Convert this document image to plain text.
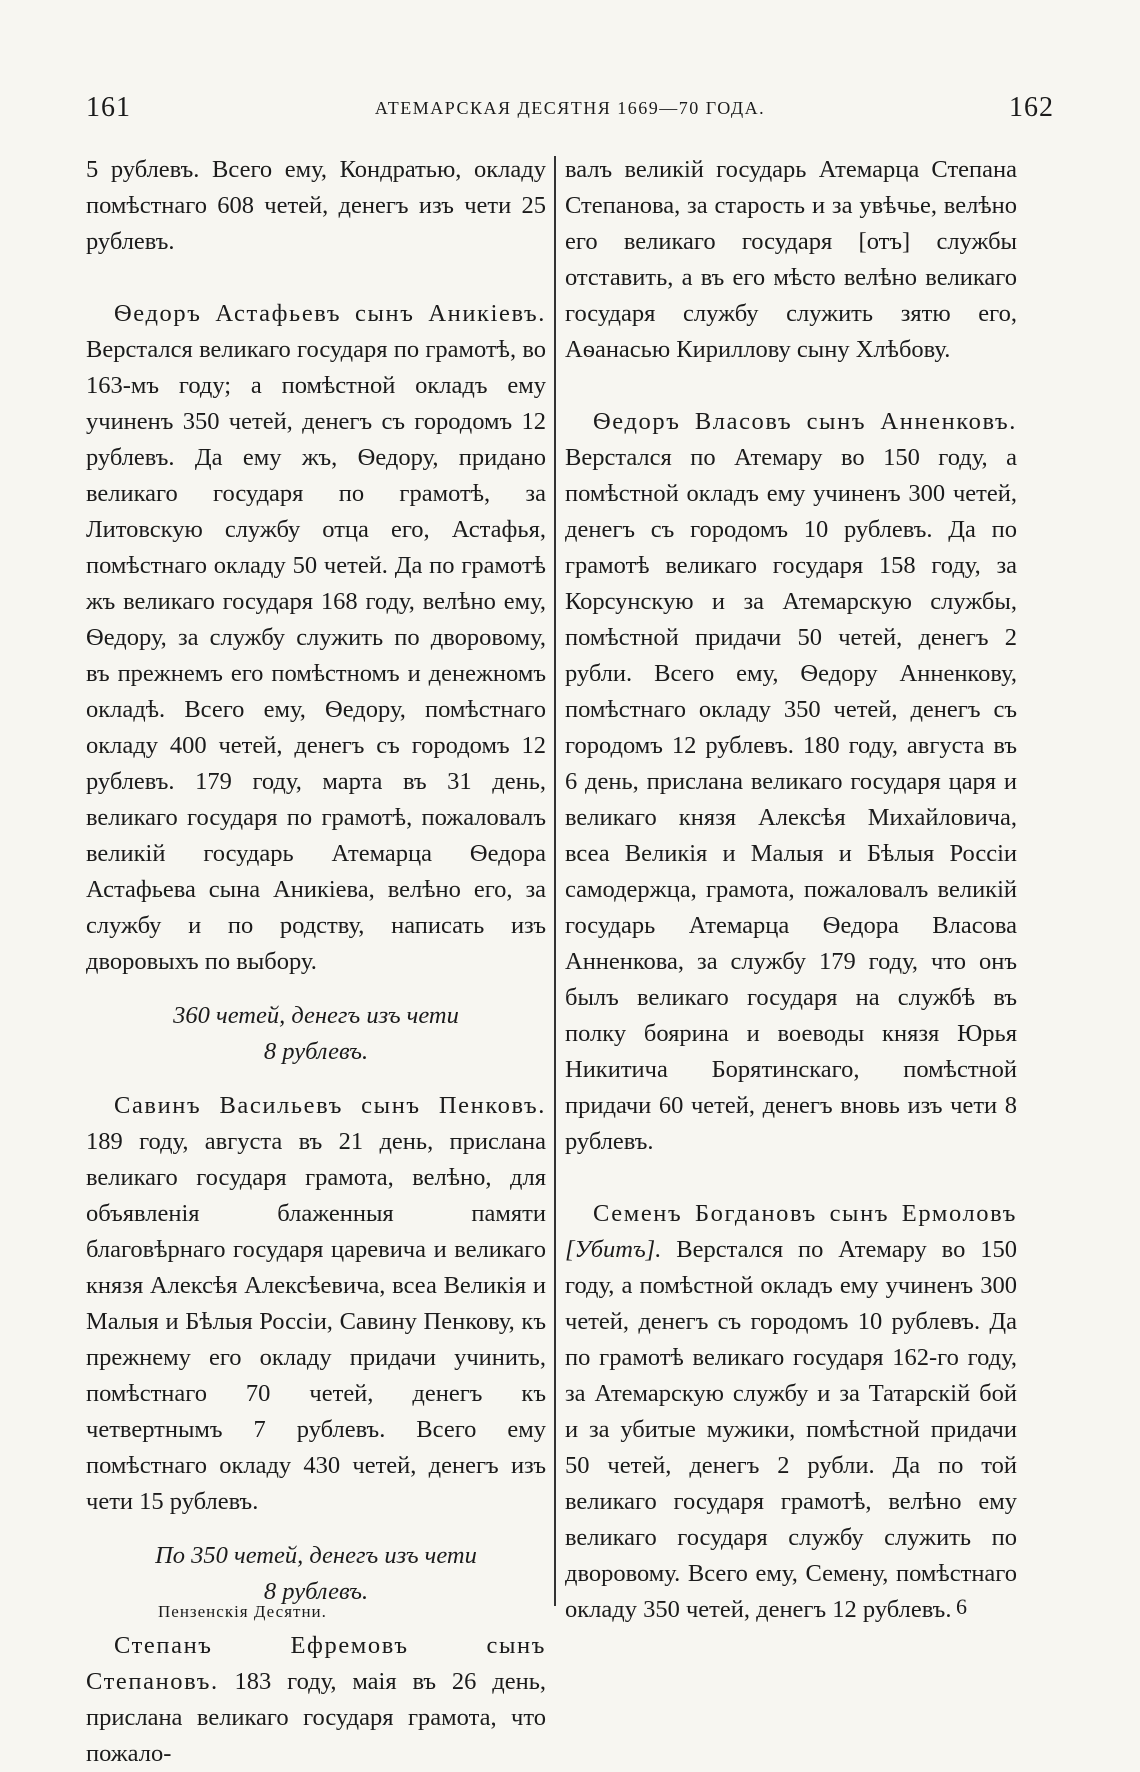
161	АТЕМАРСКАЯ ДЕСЯТНЯ 1669—70 ГОДА.	162

5 рублевъ. Всего ему, Кондратью, окладу помѣстнаго 608 четей, денегъ изъ чети 25 рублевъ.

Ѳедоръ Астафьевъ сынъ Аникiевъ. Верстался великаго государя по грамотѣ, во 163-мъ году; а помѣстной окладъ ему учиненъ 350 четей, денегъ съ городомъ 12 рублевъ. Да ему жъ, Ѳедору, придано великаго государя по грамотѣ, за Литовскую службу отца его, Астафья, помѣстнаго окладу 50 четей. Да по грамотѣ жъ великаго государя 168 году, велѣно ему, Ѳедору, за службу служить по дворовому, въ прежнемъ его помѣстномъ и денежномъ окладѣ. Всего ему, Ѳедору, помѣстнаго окладу 400 четей, денегъ съ городомъ 12 рублевъ. 179 году, марта въ 31 день, великаго государя по грамотѣ, пожаловалъ великiй государь Атемарца Ѳедора Астафьева сына Аникiева, велѣно его, за службу и по родству, написать изъ дворовыхъ по выбору.

360 четей, денегъ изъ чети
8 рублевъ.

Савинъ Васильевъ сынъ Пенковъ. 189 году, августа въ 21 день, прислана великаго государя грамота, велѣно, для объявленiя блаженныя памяти благовѣрнаго государя царевича и великаго князя Алексѣя Алексѣевича, всеа Великiя и Малыя и Бѣлыя Россiи, Савину Пенкову, къ прежнему его окладу придачи учинить, помѣстнаго 70 четей, денегъ къ четвертнымъ 7 рублевъ. Всего ему помѣстнаго окладу 430 четей, денегъ изъ чети 15 рублевъ.

По 350 четей, денегъ изъ чети
8 рублевъ.

Степанъ Ефремовъ сынъ Степановъ. 183 году, маiя въ 26 день, прислана великаго государя грамота, что пожало-

валъ великiй государь Атемарца Степана Степанова, за старость и за увѣчье, велѣно его великаго государя [отъ] службы отставить, а въ его мѣсто велѣно великаго государя службу служить зятю его, Аѳанасью Кириллову сыну Хлѣбову.

Ѳедоръ Власовъ сынъ Анненковъ. Верстался по Атемару во 150 году, а помѣстной окладъ ему учиненъ 300 четей, денегъ съ городомъ 10 рублевъ. Да по грамотѣ великаго государя 158 году, за Корсунскую и за Атемарскую службы, помѣстной придачи 50 четей, денегъ 2 рубли. Всего ему, Ѳедору Анненкову, помѣстнаго окладу 350 четей, денегъ съ городомъ 12 рублевъ. 180 году, августа въ 6 день, прислана великаго государя царя и великаго князя Алексѣя Михайловича, всеа Великiя и Малыя и Бѣлыя Россiи самодержца, грамота, пожаловалъ великiй государь Атемарца Ѳедора Власова Анненкова, за службу 179 году, что онъ былъ великаго государя на службѣ въ полку боярина и воеводы князя Юрья Никитича Борятинскаго, помѣстной придачи 60 четей, денегъ вновь изъ чети 8 рублевъ.

Семенъ Богдановъ сынъ Ермоловъ [Убитъ]. Верстался по Атемару во 150 году, а помѣстной окладъ ему учиненъ 300 четей, денегъ съ городомъ 10 рублевъ. Да по грамотѣ великаго государя 162-го году, за Атемарскую службу и за Татарскiй бой и за убитые мужики, помѣстной придачи 50 четей, денегъ 2 рубли. Да по той великаго государя грамотѣ, велѣно ему великаго государя службу служить по дворовому. Всего ему, Семену, помѣстнаго окладу 350 четей, денегъ 12 рублевъ.

Пензенскiя Десятни.	6
